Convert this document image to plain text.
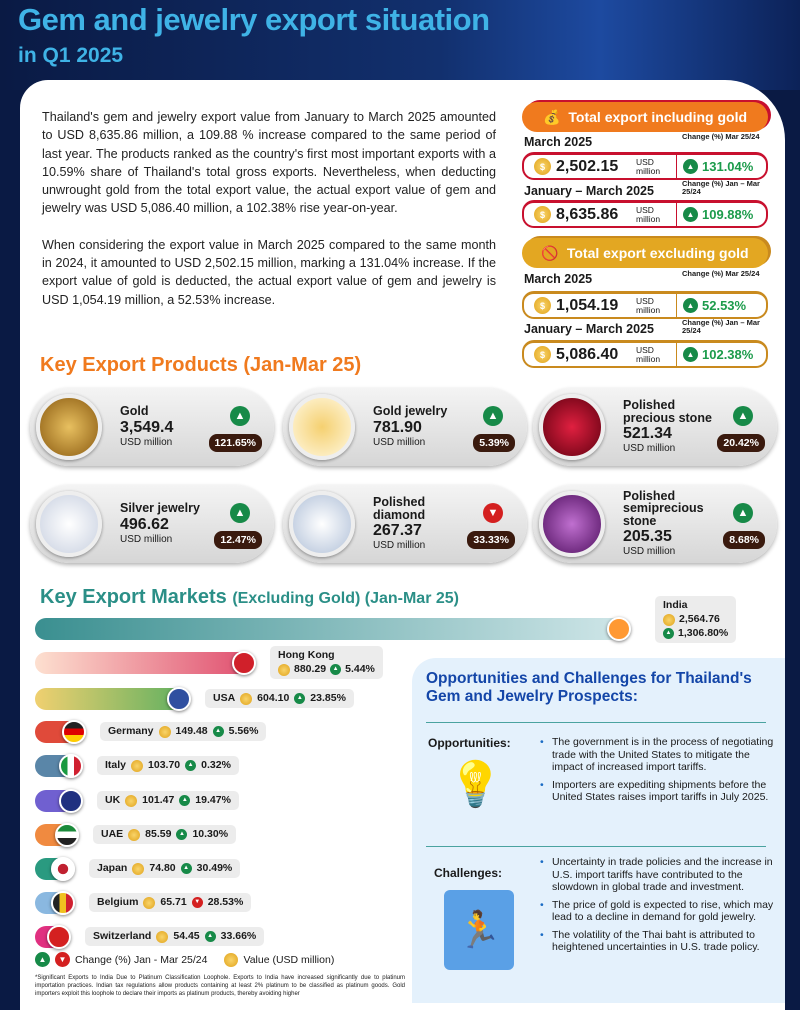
Gem and jewelry export situation
in Q1 2025

Thailand's gem and jewelry export value from January to March 2025 amounted to USD 8,635.86 million, a 109.88 % increase compared to the same period of last year. The products ranked as the country's first most important exports with a 10.59% share of Thailand's total gross exports. Nevertheless, when deducting unwrought gold from the total export value, the actual export value of gem and jewelry was USD 5,086.40 million, a 102.38% rise year-on-year.

When considering the export value in March 2025 compared to the same month in 2024, it amounted to USD 2,502.15 million, marking a 131.04% increase. If the export value of gold is deducted, the actual export value of gem and jewelry is USD 1,054.19 million, a 52.53% increase.

💰 Total export including gold
March 2025	Change (%) Mar 25/24
$ 2,502.15	USD million	▲ 131.04%
January – March 2025
Change (%) Jan – Mar 25/24
$ 8,635.86	USD million	▲ 109.88%
🚫 Total export excluding gold
March 2025	Change (%) Mar 25/24
$ 1,054.19	USD million	▲ 52.53%
January – March 2025	Change (%) Jan – Mar 25/24
$ 5,086.40	USD million	▲ 102.38%
Key Export Products (Jan-Mar 25)
Gold
3,549.4
USD million
▲
121.65%
Gold jewelry
781.90
USD million
▲
5.39%
Polished precious stone
521.34
USD million
▲
20.42%
Silver jewelry
496.62
USD million
▲
12.47%
Polished diamond
267.37
USD million
▼
33.33%
Polished semiprecious stone
205.35
USD million
▲
8.68%
Key Export Markets (Excluding Gold) (Jan-Mar 25)	India
2,564.76
▲ 1,306.80%
Hong Kong
880.29	▲ 5.44%
USA 604.10	▲ 23.85%
Germany 149.48	▲ 5.56%
Italy 103.70	▲ 0.32%
UK 101.47	▲ 19.47%
UAE 85.59	▲ 10.30%
Japan 74.80	▲ 30.49%
Belgium 65.71	▼ 28.53%
Switzerland 54.45	▲ 33.66%
▲	▼ Change (%) Jan - Mar 25/24	Value (USD million)
*Significant Exports to India Due to Platinum Classification Loophole. Exports to India have increased significantly due to platinum importation practices. Indian tax regulations allow products containing at least 2% platinum to be classified as platinum goods. Gold importers exploit this loophole to declare their imports as platinum products, thereby avoiding higher
Opportunities and Challenges for Thailand's Gem and Jewelry Prospects:
Opportunities:
💡
• The government is in the process of negotiating trade with the United States to mitigate the impact of increased import tariffs.
• Importers are expediting shipments before the United States raises import tariffs in July 2025.
Challenges:
🏃
• Uncertainty in trade policies and the increase in U.S. import tariffs have contributed to the slowdown in global trade and investment.
• The price of gold is expected to rise, which may lead to a decline in demand for gold jewelry.
• The volatility of the Thai baht is attributed to heightened uncertainties in U.S. trade policy.
